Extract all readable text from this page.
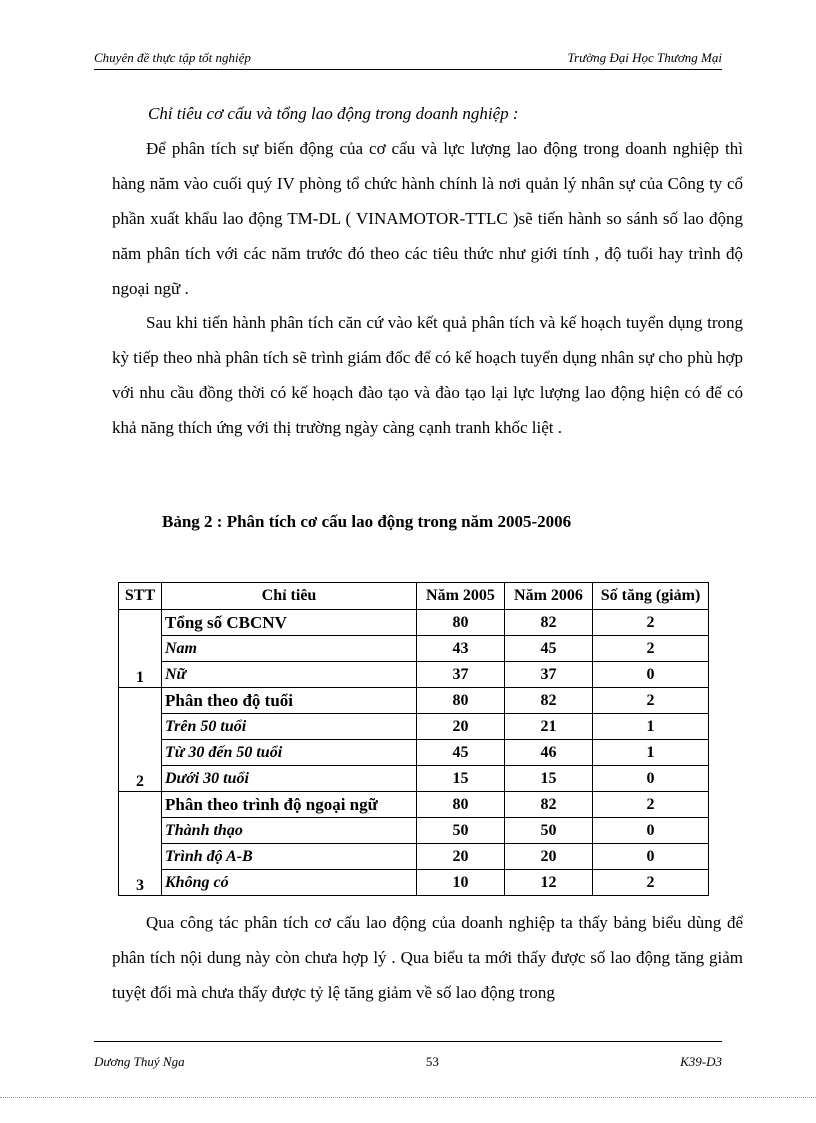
Chuyên đề thực tập tốt nghiệp	Trường Đại Học Thương Mại
Chỉ tiêu cơ cấu và tổng lao động trong doanh nghiệp :

Để phân tích sự biến động của cơ cấu và lực lượng lao động trong doanh nghiệp thì hàng năm vào cuối quý IV phòng tổ chức hành chính là nơi quản lý nhân sự của Công ty cổ phần xuất khẩu lao động TM-DL ( VINAMOTOR-TTLC )sẽ tiến hành so sánh số lao động năm phân tích với các năm trước đó theo các tiêu thức như giới tính , độ tuổi hay trình độ ngoại ngữ .

Sau khi tiến hành phân tích căn cứ vào kết quả phân tích và kế hoạch tuyển dụng trong kỳ tiếp theo nhà phân tích sẽ trình giám đốc để có kế hoạch tuyển dụng nhân sự cho phù hợp với nhu cầu đồng thời có kế hoạch đào tạo và đào tạo lại lực lượng lao động hiện có để có khả năng thích ứng với thị trường ngày càng cạnh tranh khốc liệt .

Bảng 2 : Phân tích cơ cấu lao động trong năm 2005-2006
STT	Chỉ tiêu	Năm 2005	Năm 2006	Số tăng (giảm)
1	Tổng số CBCNV	80	82	2
	Nam	43	45	2
	Nữ	37	37	0
2	Phân theo độ tuổi	80	82	2
	Trên 50 tuổi	20	21	1
	Từ 30 đến 50 tuổi	45	46	1
	Dưới 30 tuổi	15	15	0
3	Phân theo trình độ ngoại ngữ	80	82	2
	Thành thạo	50	50	0
	Trình độ A-B	20	20	0
	Không có	10	12	2

Qua công tác phân tích cơ cấu lao động của doanh nghiệp ta thấy bảng biểu dùng để phân tích nội dung này còn chưa hợp lý . Qua biểu ta mới thấy được số lao động tăng giảm tuyệt đối mà chưa thấy được tỷ lệ tăng giảm về số lao động trong

Dương Thuý Nga	53	K39-D3
